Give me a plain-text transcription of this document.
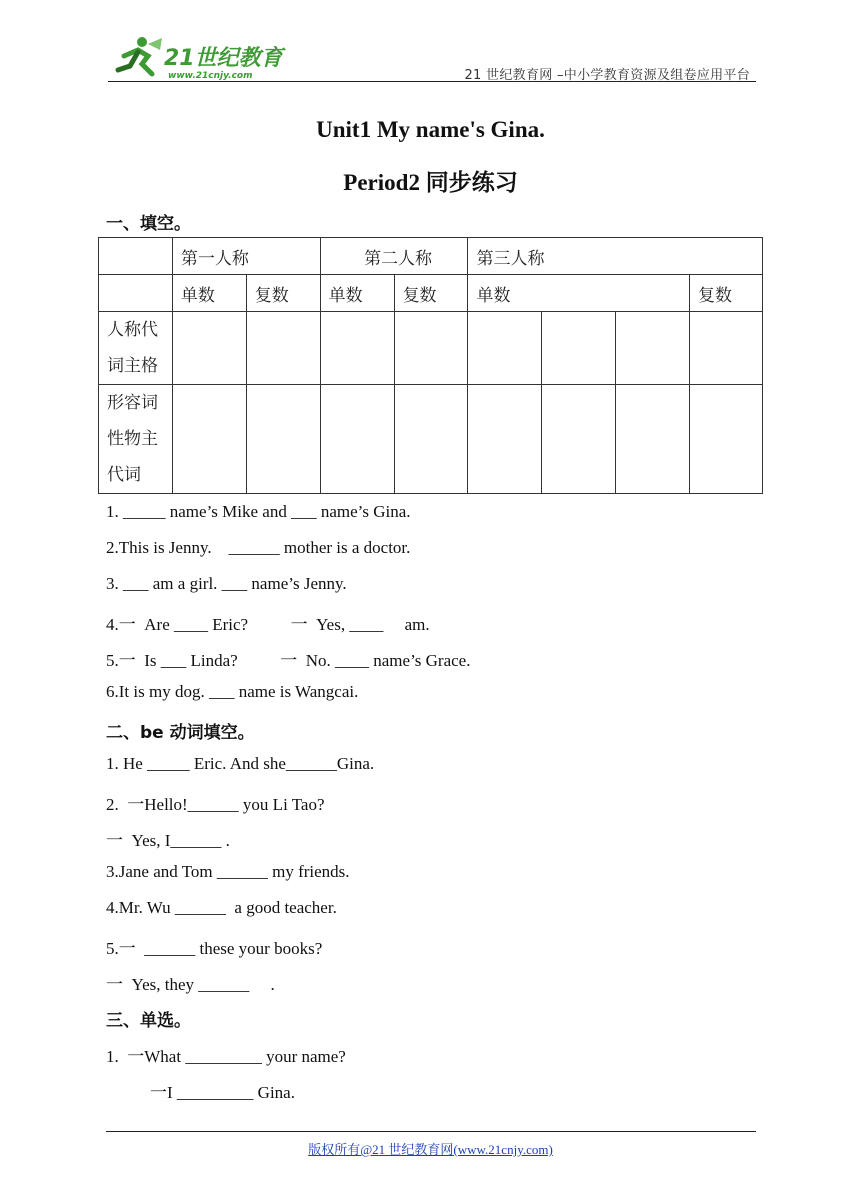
21世纪教育
www.21cnjy.com	21 世纪教育网 –中小学教育资源及组卷应用平台
Unit1 My name's Gina.
Period2 同步练习
一、填空。
	第一人称		第二人称		第三人称			
	单数	复数	单数	复数	单数			复数

人称代
词主格								

形容词
性物主
代词								

1. _____ name’s Mike and ___ name’s Gina.
2.This is Jenny.    ______ mother is a doctor.
3. ___ am a girl. ___ name’s Jenny.
4.一  Are ____ Eric?          一  Yes, ____     am.
5.一  Is ___ Linda?          一  No. ____ name’s Grace.
6.It is my dog. ___ name is Wangcai.
二、be 动词填空。
1. He _____ Eric. And she______Gina.
2.  一Hello!______ you Li Tao?
一  Yes, I______ .
3.Jane and Tom ______ my friends.
4.Mr. Wu ______  a good teacher.
5.一  ______ these your books?
一  Yes, they ______     .
三、单选。
1.  一What _________ your name?
一I _________ Gina.
版权所有@21 世纪教育网(www.21cnjy.com)
